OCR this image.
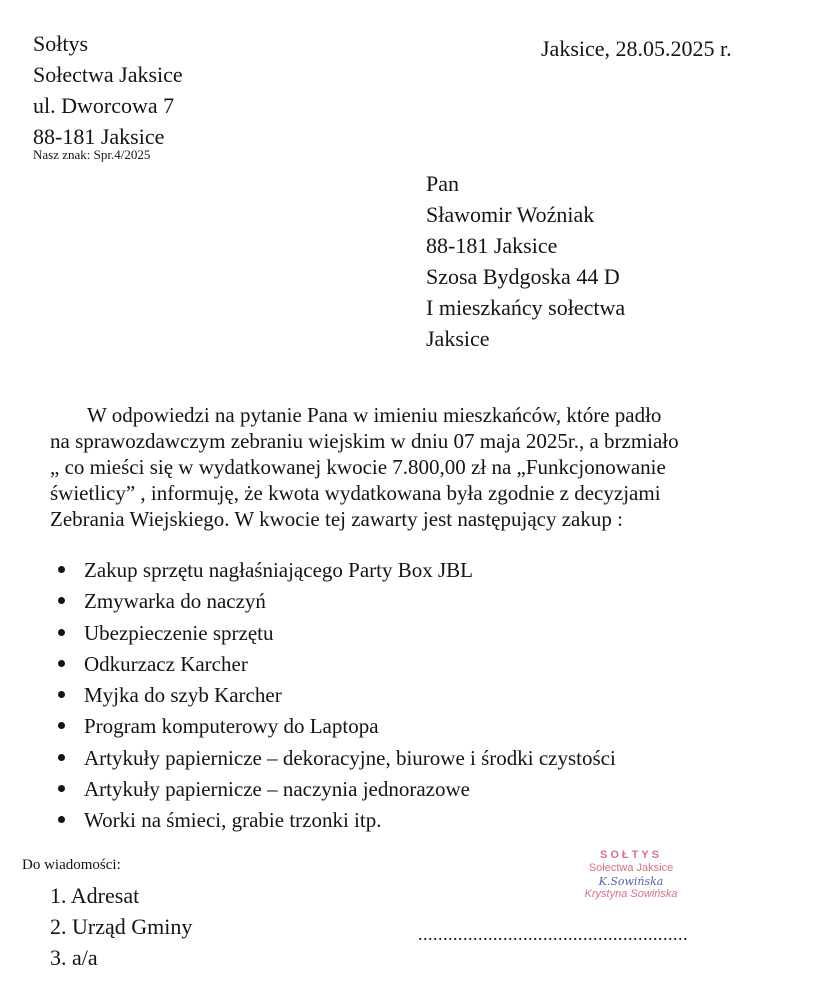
Sołtys
Sołectwa Jaksice
ul. Dworcowa 7
88-181 Jaksice
Nasz znak: Spr.4/2025
Jaksice, 28.05.2025 r.
Pan
Sławomir Woźniak
88-181 Jaksice
Szosa Bydgoska 44 D
I mieszkańcy sołectwa
Jaksice
W odpowiedzi na pytanie Pana w imieniu mieszkańców, które padło
na sprawozdawczym zebraniu wiejskim w dniu 07 maja 2025r., a brzmiało
„ co mieści się w wydatkowanej kwocie 7.800,00 zł na „Funkcjonowanie
świetlicy” , informuję, że kwota wydatkowana była zgodnie z decyzjami
Zebrania Wiejskiego. W kwocie tej zawarty jest następujący zakup :
Zakup sprzętu nagłaśniającego Party Box JBL
Zmywarka do naczyń
Ubezpieczenie sprzętu
Odkurzacz Karcher
Myjka do szyb Karcher
Program komputerowy do Laptopa
Artykuły papiernicze – dekoracyjne, biurowe i środki czystości
Artykuły papiernicze – naczynia jednorazowe
Worki na śmieci, grabie trzonki itp.
Do wiadomości:
1. Adresat
2. Urząd Gminy
3. a/a
SOŁTYS
Sołectwa Jaksice
K.Sowińska
Krystyna Sowińska
......................................................
